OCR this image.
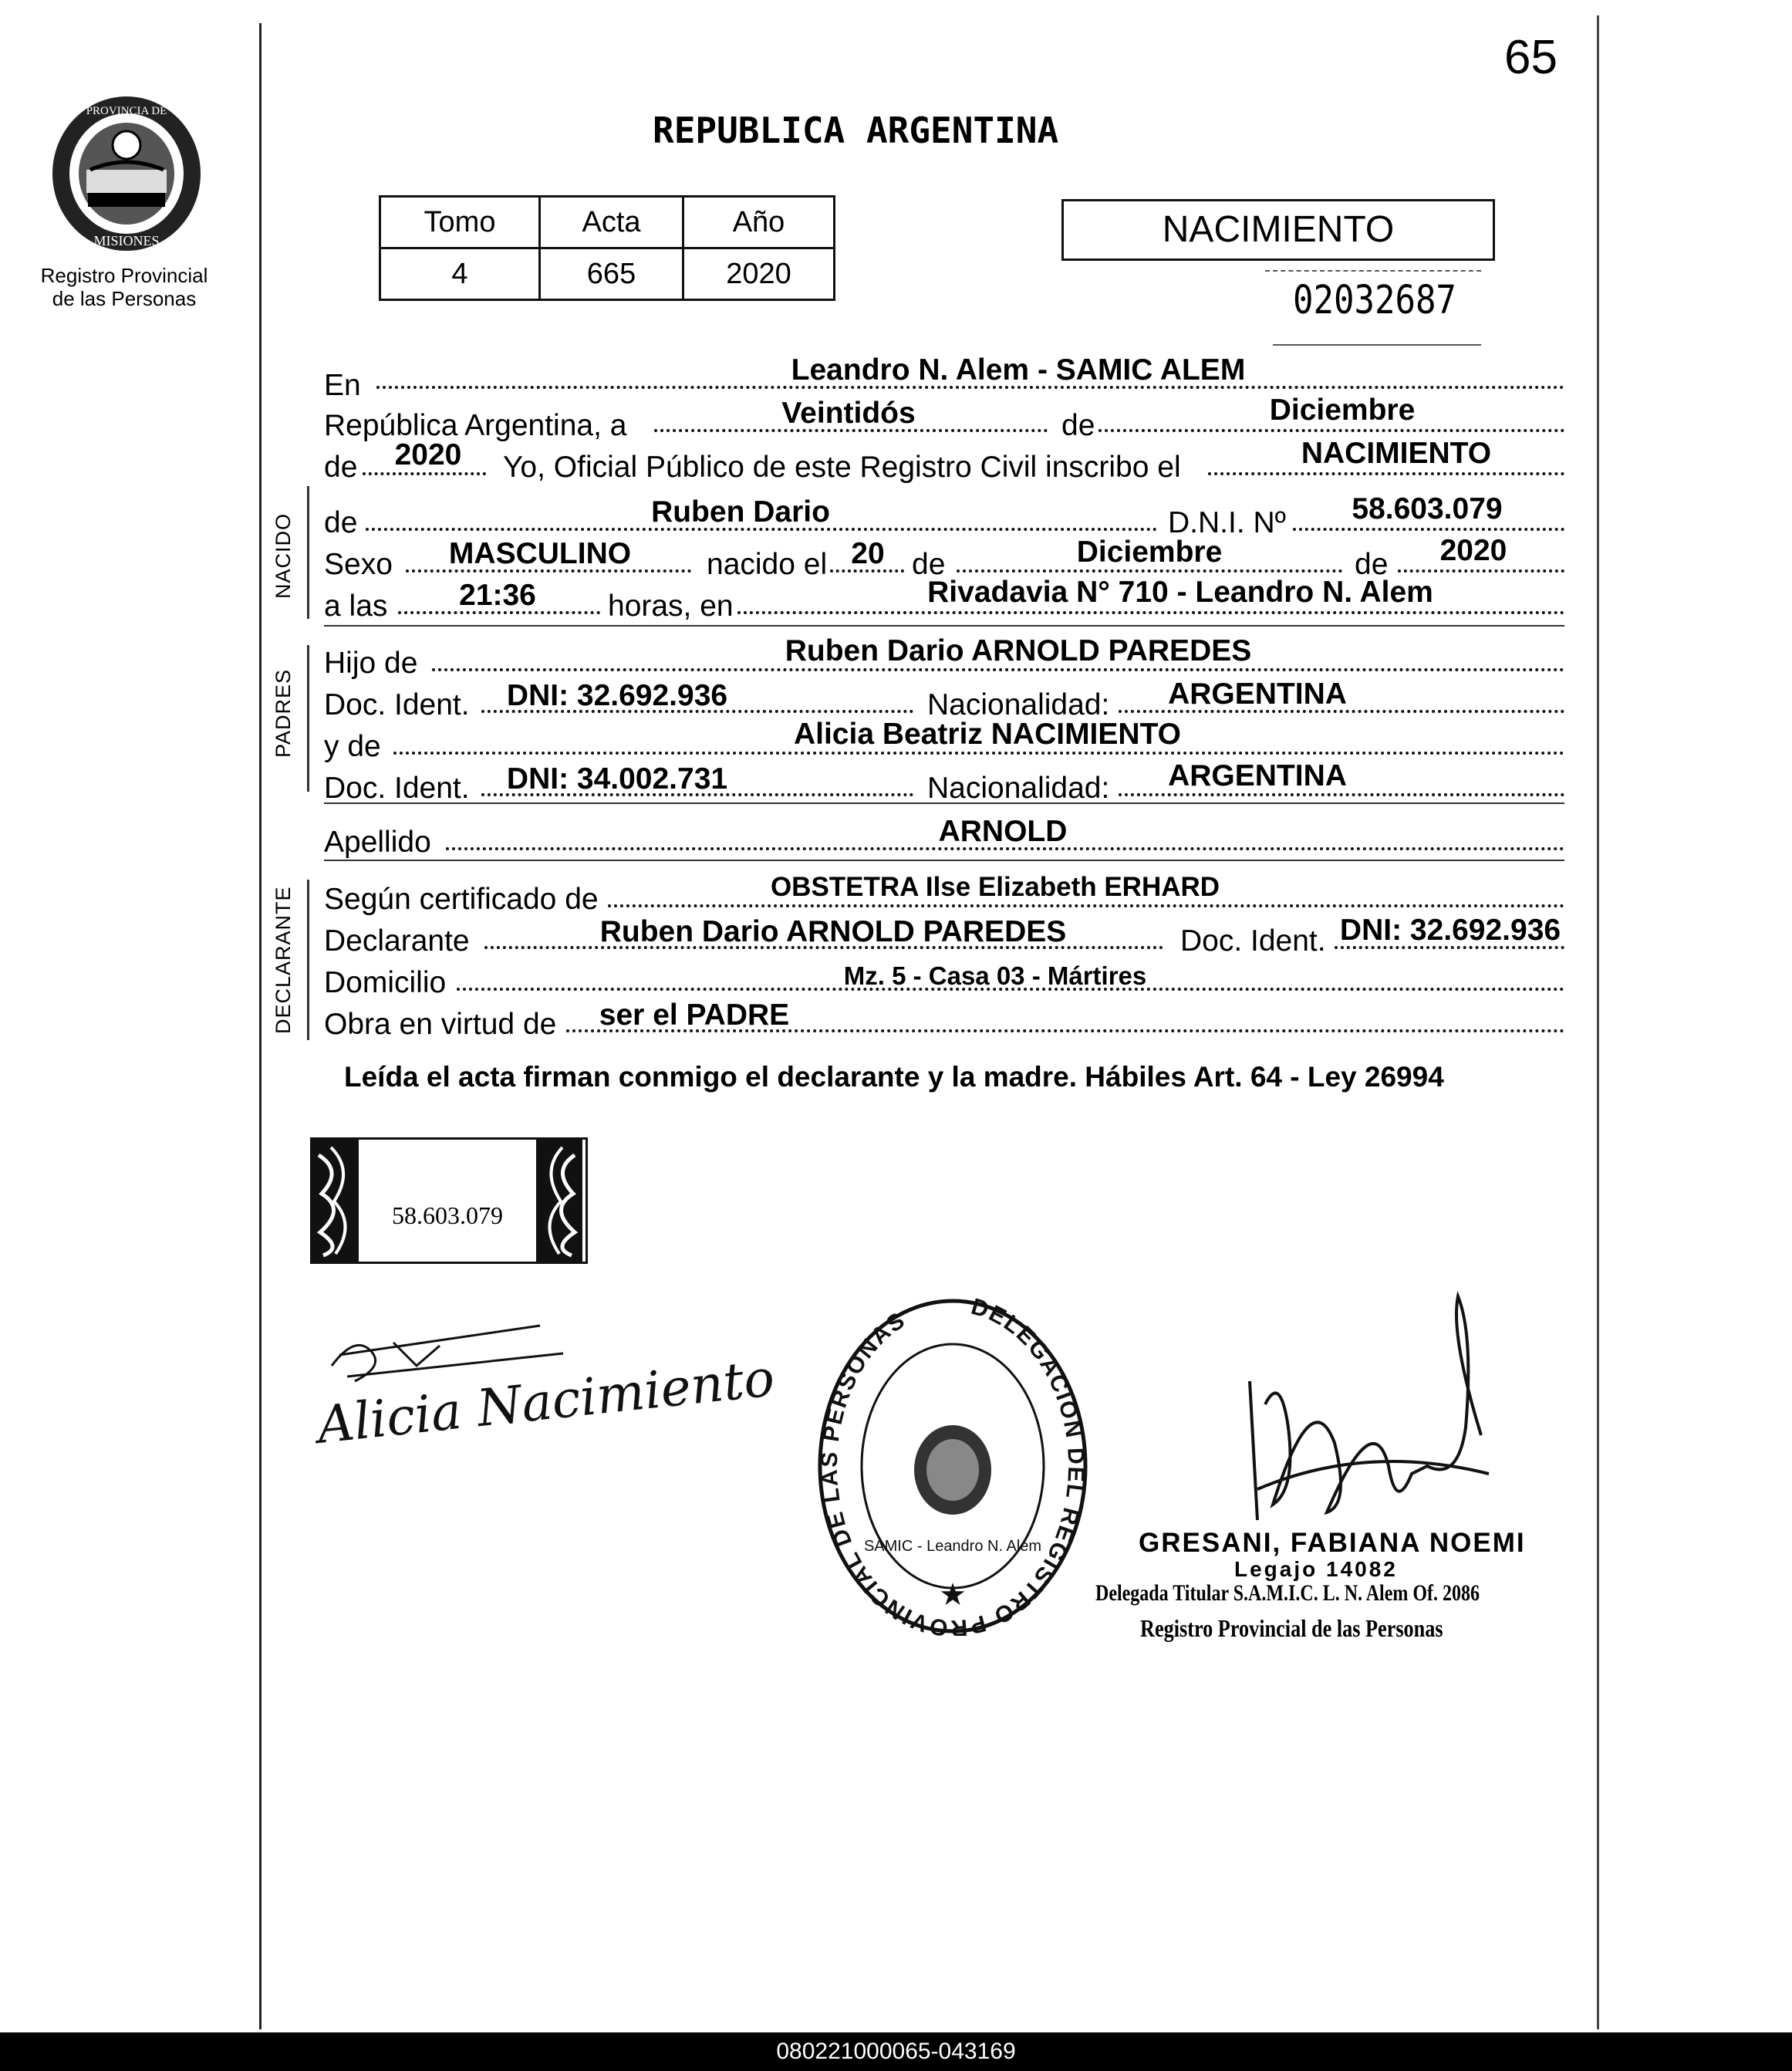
65
PROVINCIA DE
MISIONES
Registro Provincial
de las Personas
REPUBLICA ARGENTINA
Tomo	Acta	Año
4	665	2020
NACIMIENTO
02032687
En	Leandro N. Alem - SAMIC ALEM
República Argentina, a	Veintidós	de	Diciembre
de	2020	Yo, Oficial Público de este Registro Civil inscribo el	NACIMIENTO
NACIDO de	Ruben Dario	D.N.I. Nº	58.603.079
Sexo	MASCULINO	nacido el 20 de	Diciembre	de	2020
a las	21:36	horas, en	Rivadavia N° 710 - Leandro N. Alem
PADRES
Hijo de	Ruben Dario ARNOLD PAREDES
Doc. Ident.	DNI: 32.692.936	Nacionalidad:	ARGENTINA
y de	Alicia Beatriz NACIMIENTO
Doc. Ident.	DNI: 34.002.731	Nacionalidad:	ARGENTINA
Apellido	ARNOLD
DECLARANTE Según certificado de	OBSTETRA Ilse Elizabeth ERHARD
Declarante	Ruben Dario ARNOLD PAREDES	Doc. Ident. DNI: 32.692.936
Domicilio	Mz. 5 - Casa 03 - Mártires
Obra en virtud de	ser el PADRE
Leída el acta firman conmigo el declarante y la madre. Hábiles Art. 64 - Ley 26994
58.603.079
Alicia Nacimiento
DELEGACION DEL REGISTRO PROVINCIAL DE LAS PERSONAS
SAMIC - Leandro N. Alem
★
GRESANI, FABIANA NOEMI
Legajo 14082
Delegada Titular S.A.M.I.C. L. N. Alem Of. 2086
Registro Provincial de las Personas
080221000065-043169
